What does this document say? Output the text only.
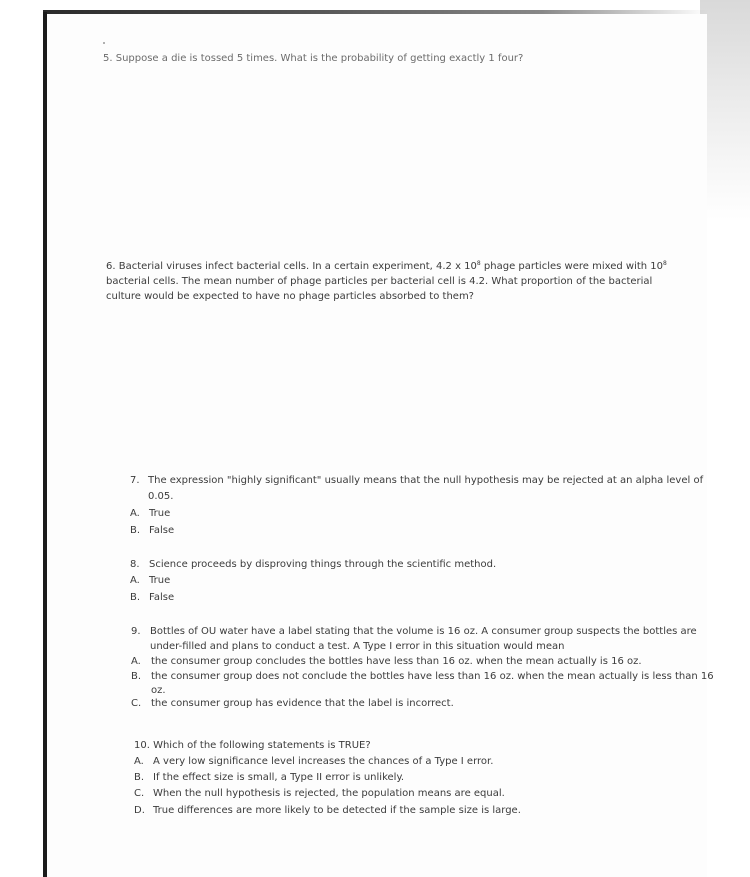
5. Suppose a die is tossed 5 times. What is the probability of getting exactly 1 four?
6. Bacterial viruses infect bacterial cells. In a certain experiment, 4.2 x $10^8$ phage particles were mixed with $10^8$ bacterial cells. The mean number of phage particles per bacterial cell is 4.2. What proportion of the bacterial culture would be expected to have no phage particles absorbed to them?
7. The expression "highly significant" usually means that the null hypothesis may be rejected at an alpha level of
0.05.
A. True
B. False
8. Science proceeds by disproving things through the scientific method.
A. True
B. False
9. Bottles of OU water have a label stating that the volume is 16 oz. A consumer group suspects the bottles are
under-filled and plans to conduct a test. A Type I error in this situation would mean
A. the consumer group concludes the bottles have less than 16 oz. when the mean actually is 16 oz.
B. the consumer group does not conclude the bottles have less than 16 oz. when the mean actually is less than 16
oz.
C. the consumer group has evidence that the label is incorrect.
10. Which of the following statements is TRUE?
A. A very low significance level increases the chances of a Type I error.
B. If the effect size is small, a Type II error is unlikely.
C. When the null hypothesis is rejected, the population means are equal.
D. True differences are more likely to be detected if the sample size is large.
